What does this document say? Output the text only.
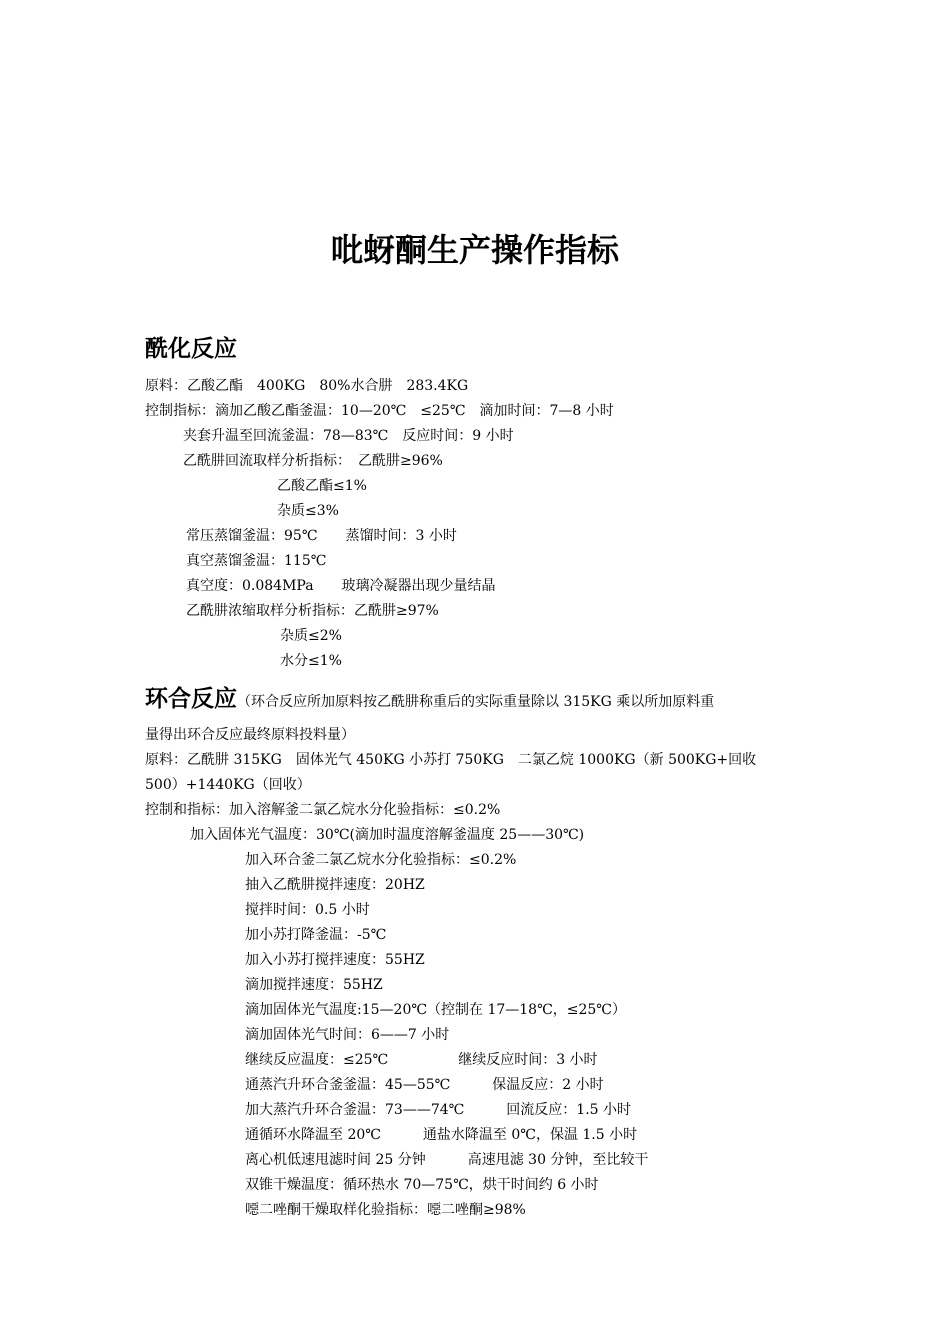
吡蚜酮生产操作指标
酰化反应
原料：乙酸乙酯　400KG　80%水合肼　283.4KG
控制指标：滴加乙酸乙酯釜温：10—20℃　≤25℃　滴加时间：7—8 小时
夹套升温至回流釜温：78—83℃　反应时间：9 小时
乙酰肼回流取样分析指标：　乙酰肼≥96%
乙酸乙酯≤1%
杂质≤3%
常压蒸馏釜温：95℃　　蒸馏时间：3 小时
真空蒸馏釜温：115℃
真空度：0.084MPa　　玻璃冷凝器出现少量结晶
乙酰肼浓缩取样分析指标：乙酰肼≥97%
杂质≤2%
水分≤1%
环合反应（环合反应所加原料按乙酰肼称重后的实际重量除以 315KG 乘以所加原料重
量得出环合反应最终原料投料量）
原料：乙酰肼 315KG　固体光气 450KG 小苏打 750KG　二氯乙烷 1000KG（新 500KG+回收
500）+1440KG（回收）
控制和指标：加入溶解釜二氯乙烷水分化验指标：≤0.2%
加入固体光气温度：30℃(滴加时温度溶解釜温度 25——30℃)
加入环合釜二氯乙烷水分化验指标：≤0.2%
抽入乙酰肼搅拌速度：20HZ
搅拌时间：0.5 小时
加小苏打降釜温：-5℃
加入小苏打搅拌速度：55HZ
滴加搅拌速度：55HZ
滴加固体光气温度:15—20℃（控制在 17—18℃，≤25℃）
滴加固体光气时间：6——7 小时
继续反应温度：≤25℃　　　　　继续反应时间：3 小时
通蒸汽升环合釜釜温：45—55℃　　　保温反应：2 小时
加大蒸汽升环合釜温：73——74℃　　　回流反应：1.5 小时
通循环水降温至 20℃　　　通盐水降温至 0℃，保温 1.5 小时
离心机低速甩滤时间 25 分钟　　　高速甩滤 30 分钟，至比较干
双锥干燥温度：循环热水 70—75℃，烘干时间约 6 小时
噁二唑酮干燥取样化验指标：噁二唑酮≥98%
